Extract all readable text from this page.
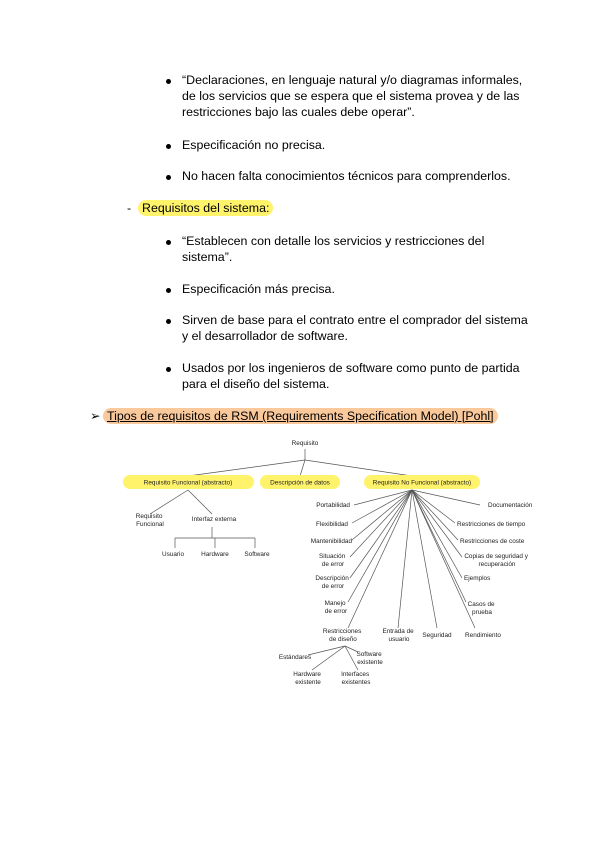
“Declaraciones, en lenguaje natural y/o diagramas informales,
de los servicios que se espera que el sistema provea y de las
restricciones bajo las cuales debe operar”.
Especificación no precisa.
No hacen falta conocimientos técnicos para comprenderlos.
- Requisitos del sistema:
“Establecen con detalle los servicios y restricciones del
sistema”.
Especificación más precisa.
Sirven de base para el contrato entre el comprador del sistema
y el desarrollador de software.
Usados por los ingenieros de software como punto de partida
para el diseño del sistema.
➢ Tipos de requisitos de RSM (Requirements Specification Model) [Pohl]
Requisito
Requisito Funcional (abstracto)	Descripción de datos	Requisito No Funcional (abstracto)
Requisito Funcional
Interfaz externa
Usuario	Hardware Software
Portabilidad
Flexibilidad
Mantenibilidad
Situación de error
Descripción de error
Manejo de error
Restricciones de diseño
Entrada de usuario
Seguridad Rendimiento
Documentación
Restricciones de tiempo
Restricciones de coste
Copias de seguridad y recuperación
Ejemplos
Casos de prueba
Estándares	Software existente
Hardware existente
Interfaces existentes
